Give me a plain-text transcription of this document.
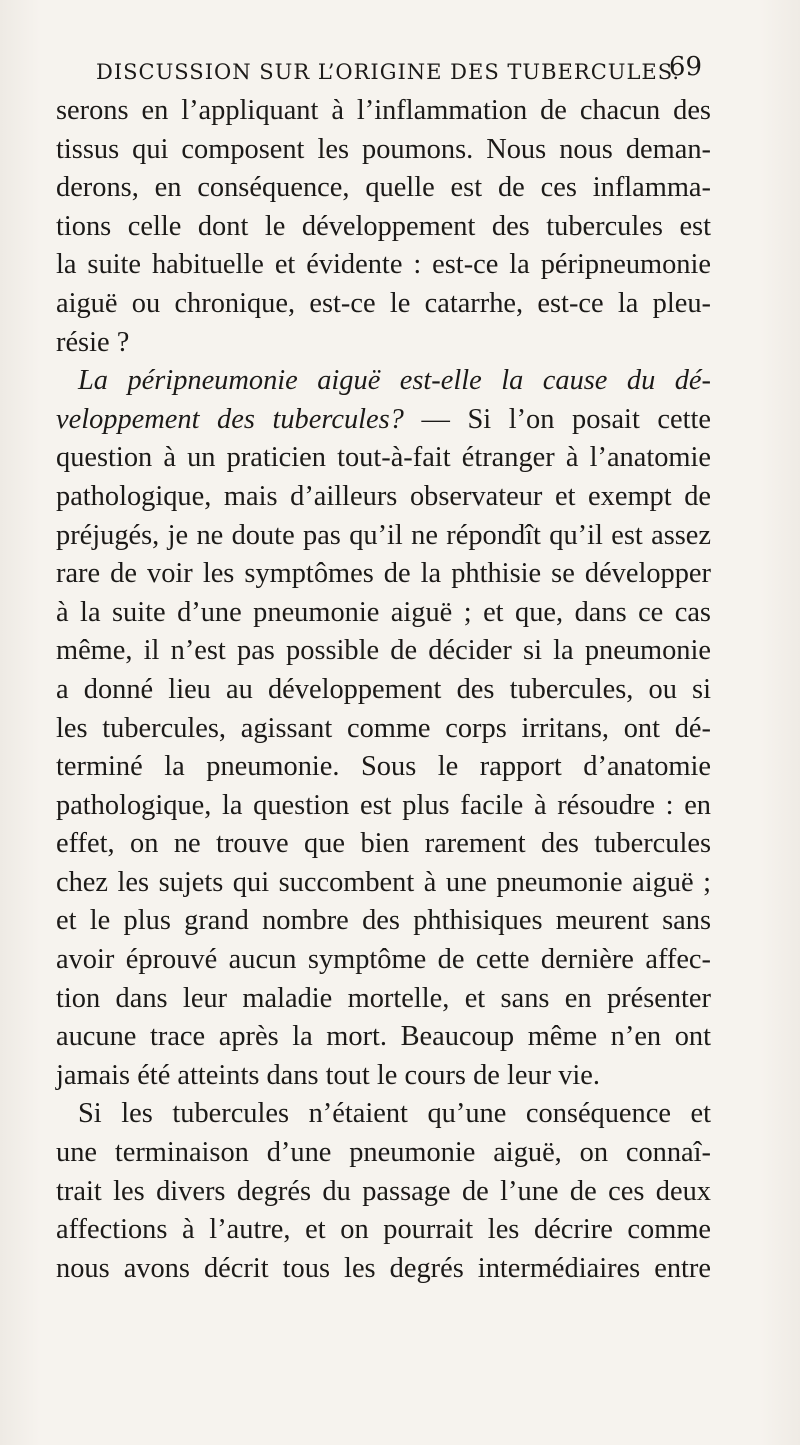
DISCUSSION SUR L’ORIGINE DES TUBERCULES.
69
serons en l’appliquant à l’inflammation de chacun des
tissus qui composent les poumons. Nous nous deman-
derons, en conséquence, quelle est de ces inflamma-
tions celle dont le développement des tubercules est
la suite habituelle et évidente : est-ce la péripneumonie
aiguë ou chronique, est-ce le catarrhe, est-ce la pleu-
résie ?
La péripneumonie aiguë est-elle la cause du dé-
veloppement des tubercules? — Si l’on posait cette
question à un praticien tout-à-fait étranger à l’anatomie
pathologique, mais d’ailleurs observateur et exempt de
préjugés, je ne doute pas qu’il ne répondît qu’il est assez
rare de voir les symptômes de la phthisie se développer
à la suite d’une pneumonie aiguë ; et que, dans ce cas
même, il n’est pas possible de décider si la pneumonie
a donné lieu au développement des tubercules, ou si
les tubercules, agissant comme corps irritans, ont dé-
terminé la pneumonie. Sous le rapport d’anatomie
pathologique, la question est plus facile à résoudre : en
effet, on ne trouve que bien rarement des tubercules
chez les sujets qui succombent à une pneumonie aiguë ;
et le plus grand nombre des phthisiques meurent sans
avoir éprouvé aucun symptôme de cette dernière affec-
tion dans leur maladie mortelle, et sans en présenter
aucune trace après la mort. Beaucoup même n’en ont
jamais été atteints dans tout le cours de leur vie.
Si les tubercules n’étaient qu’une conséquence et
une terminaison d’une pneumonie aiguë, on connaî-
trait les divers degrés du passage de l’une de ces deux
affections à l’autre, et on pourrait les décrire comme
nous avons décrit tous les degrés intermédiaires entre
